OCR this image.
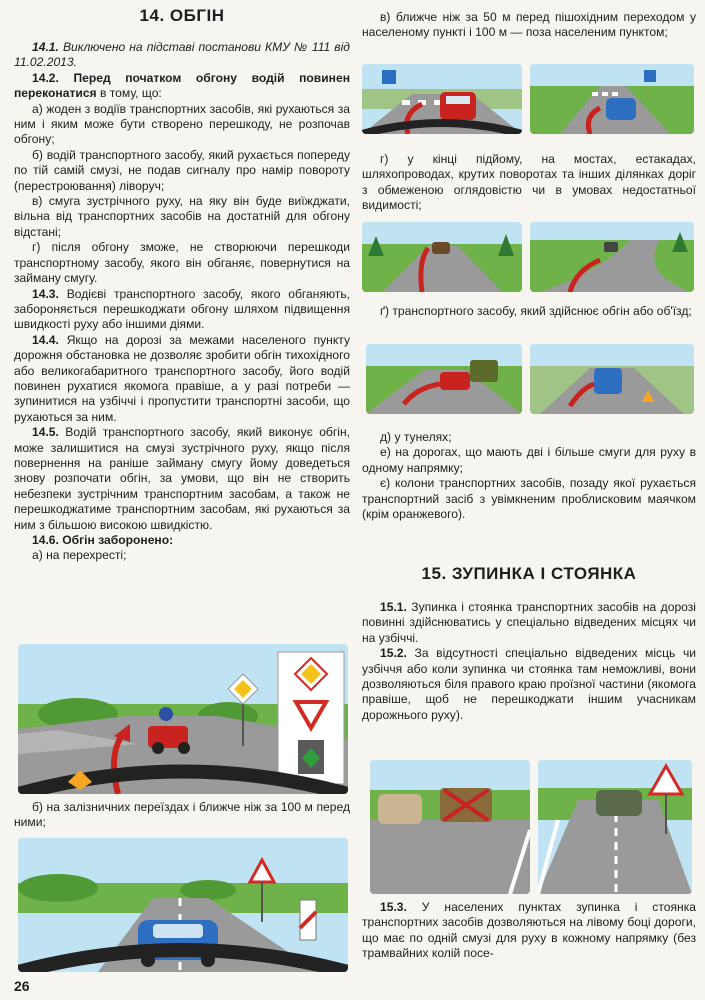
14. ОБГІН

14.1. Виключено на підставі постанови КМУ № 111 від 11.02.2013.

14.2. Перед початком обгону водій повинен переконатися в тому, що:

а) жоден з водіїв транспортних засобів, які рухаються за ним і яким може бути створено перешкоду, не розпочав обгону;

б) водій транспортного засобу, який рухається попереду по тій самій смузі, не подав сигналу про намір повороту (перестроювання) ліворуч;

в) смуга зустрічного руху, на яку він буде виїжджати, вільна від транспортних засобів на достатній для обгону відстані;

г) після обгону зможе, не створюючи перешкоди транспортному засобу, якого він обганяє, повернутися на займану смугу.

14.3. Водієві транспортного засобу, якого обганяють, забороняється перешкоджати обгону шляхом підвищення швидкості руху або іншими діями.

14.4. Якщо на дорозі за межами населеного пункту дорожня обстановка не дозволяє зробити обгін тихохідного або великогабаритного транспортного засобу, його водій повинен рухатися якомога правіше, а у разі потреби — зупинитися на узбіччі і пропустити транспортні засоби, що рухаються за ним.

14.5. Водій транспортного засобу, який виконує обгін, може залишитися на смузі зустрічного руху, якщо після повернення на раніше займану смугу йому доведеться знову розпочати обгін, за умови, що він не створить небезпеки зустрічним транспортним засобам, а також не перешкоджатиме транспортним засобам, які рухаються за ним з більшою високою швидкістю.

14.6. Обгін заборонено:

а) на перехресті;

б) на залізничних переїздах і ближче ніж за 100 м перед ними;

в) ближче ніж за 50 м перед пішохідним переходом у населеному пункті і 100 м — поза населеним пунктом;

г) у кінці підйому, на мостах, естакадах, шляхопроводах, крутих поворотах та інших ділянках доріг з обмеженою оглядовістю чи в умовах недостатньої видимості;

ґ) транспортного засобу, який здійснює обгін або об'їзд;

д) у тунелях;

е) на дорогах, що мають дві і більше смуги для руху в одному напрямку;

є) колони транспортних засобів, позаду якої рухається транспортний засіб з увімкненим проблисковим маячком (крім оранжевого).

15. ЗУПИНКА І СТОЯНКА

15.1. Зупинка і стоянка транспортних засобів на дорозі повинні здійснюватись у спеціально відведених місцях чи на узбіччі.

15.2. За відсутності спеціально відведених місць чи узбіччя або коли зупинка чи стоянка там неможливі, вони дозволяються біля правого краю проїзної частини (якомога правіше, щоб не перешкоджати іншим учасникам дорожнього руху).

15.3. У населених пунктах зупинка і стоянка транспортних засобів дозволяються на лівому боці дороги, що має по одній смузі для руху в кожному напрямку (без трамвайних колій посе-

26
